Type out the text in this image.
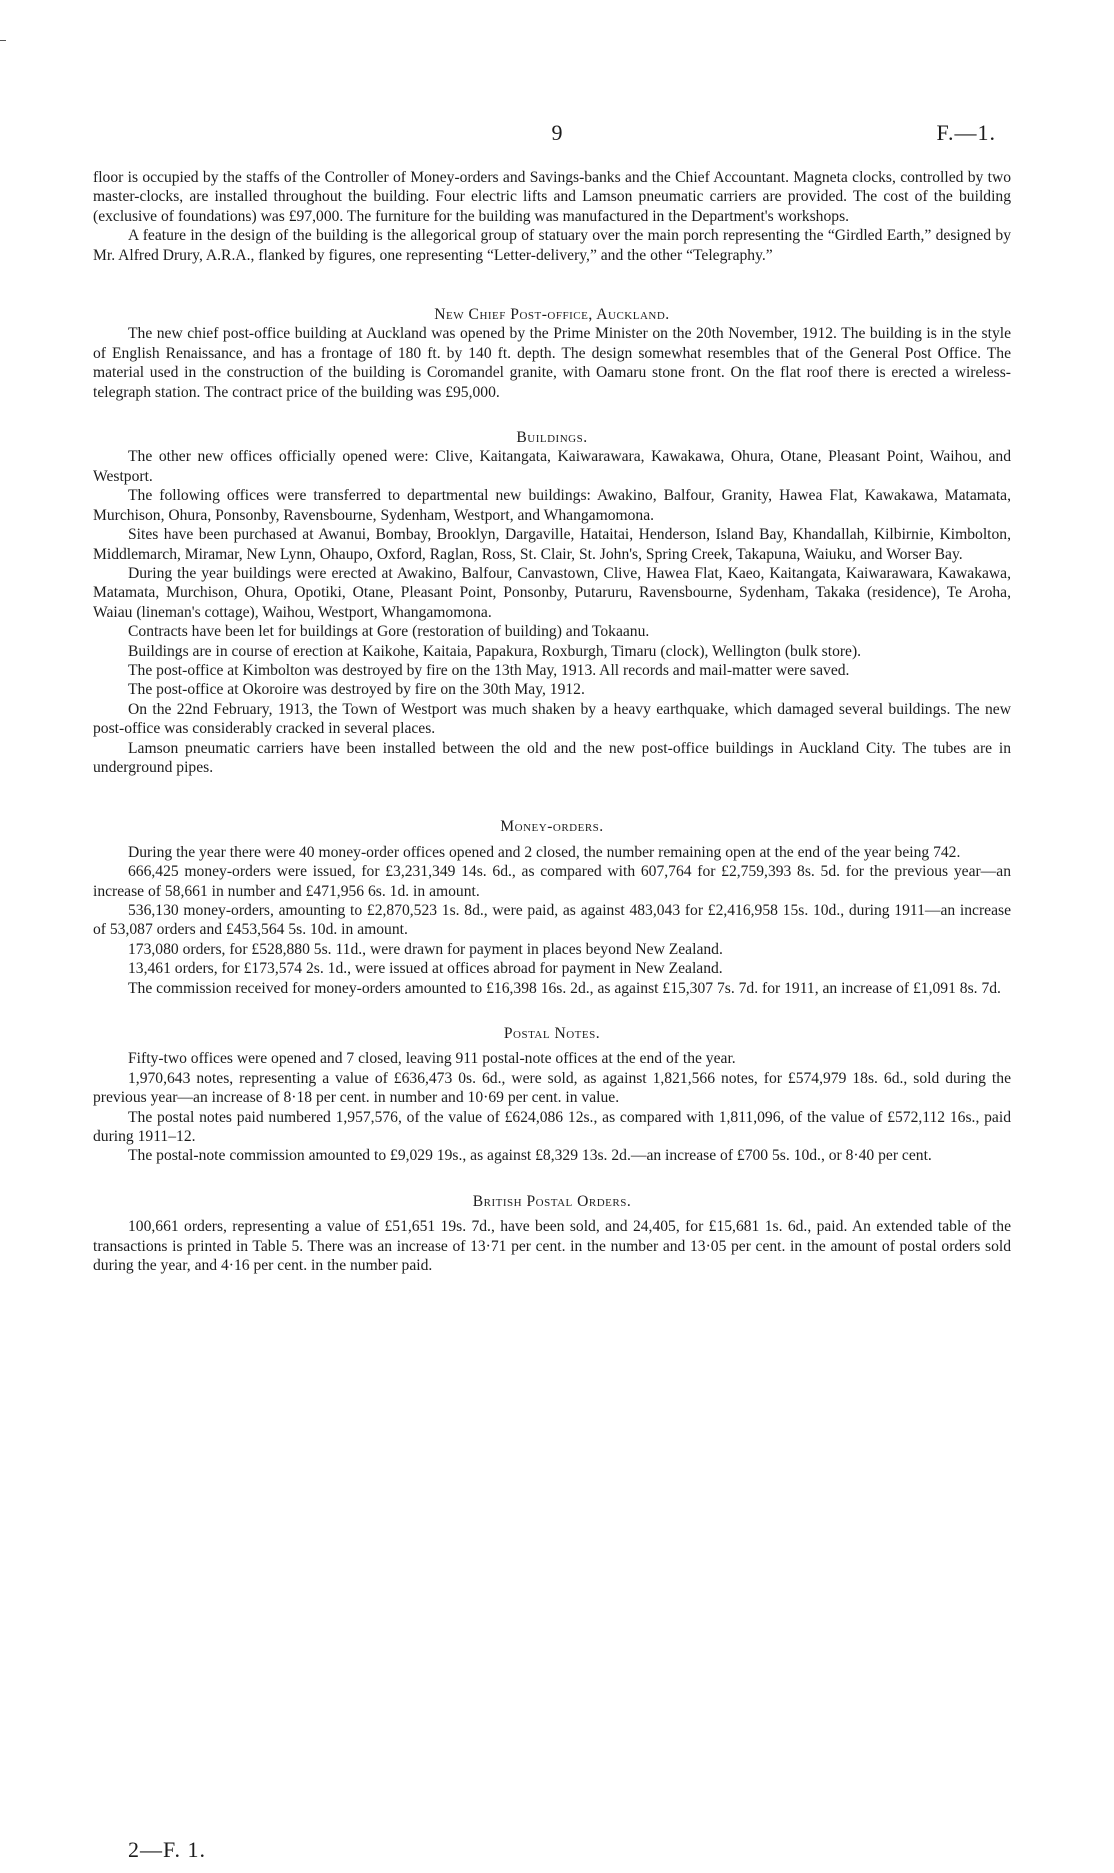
9	F.—1.

floor is occupied by the staffs of the Controller of Money-orders and Savings-banks and the Chief Accountant. Magneta clocks, controlled by two master-clocks, are installed throughout the building. Four electric lifts and Lamson pneumatic carriers are provided. The cost of the building (exclusive of foundations) was £97,000. The furniture for the building was manufactured in the Department's workshops.

A feature in the design of the building is the allegorical group of statuary over the main porch representing the “Girdled Earth,” designed by Mr. Alfred Drury, A.R.A., flanked by figures, one representing “Letter-delivery,” and the other “Telegraphy.”

New Chief Post-office, Auckland.

The new chief post-office building at Auckland was opened by the Prime Minister on the 20th November, 1912. The building is in the style of English Renaissance, and has a frontage of 180 ft. by 140 ft. depth. The design somewhat resembles that of the General Post Office. The material used in the construction of the building is Coromandel granite, with Oamaru stone front. On the flat roof there is erected a wireless-telegraph station. The contract price of the building was £95,000.

Buildings.

The other new offices officially opened were: Clive, Kaitangata, Kaiwarawara, Kawakawa, Ohura, Otane, Pleasant Point, Waihou, and Westport.

The following offices were transferred to departmental new buildings: Awakino, Balfour, Granity, Hawea Flat, Kawakawa, Matamata, Murchison, Ohura, Ponsonby, Ravensbourne, Sydenham, Westport, and Whangamomona.

Sites have been purchased at Awanui, Bombay, Brooklyn, Dargaville, Hataitai, Henderson, Island Bay, Khandallah, Kilbirnie, Kimbolton, Middlemarch, Miramar, New Lynn, Ohaupo, Oxford, Raglan, Ross, St. Clair, St. John's, Spring Creek, Takapuna, Waiuku, and Worser Bay.

During the year buildings were erected at Awakino, Balfour, Canvastown, Clive, Hawea Flat, Kaeo, Kaitangata, Kaiwarawara, Kawakawa, Matamata, Murchison, Ohura, Opotiki, Otane, Pleasant Point, Ponsonby, Putaruru, Ravensbourne, Sydenham, Takaka (residence), Te Aroha, Waiau (lineman's cottage), Waihou, Westport, Whangamomona.

Contracts have been let for buildings at Gore (restoration of building) and Tokaanu.

Buildings are in course of erection at Kaikohe, Kaitaia, Papakura, Roxburgh, Timaru (clock), Wellington (bulk store).

The post-office at Kimbolton was destroyed by fire on the 13th May, 1913. All records and mail-matter were saved.

The post-office at Okoroire was destroyed by fire on the 30th May, 1912.

On the 22nd February, 1913, the Town of Westport was much shaken by a heavy earthquake, which damaged several buildings. The new post-office was considerably cracked in several places.

Lamson pneumatic carriers have been installed between the old and the new post-office buildings in Auckland City. The tubes are in underground pipes.

Money-orders.

During the year there were 40 money-order offices opened and 2 closed, the number remaining open at the end of the year being 742.

666,425 money-orders were issued, for £3,231,349 14s. 6d., as compared with 607,764 for £2,759,393 8s. 5d. for the previous year—an increase of 58,661 in number and £471,956 6s. 1d. in amount.

536,130 money-orders, amounting to £2,870,523 1s. 8d., were paid, as against 483,043 for £2,416,958 15s. 10d., during 1911—an increase of 53,087 orders and £453,564 5s. 10d. in amount.

173,080 orders, for £528,880 5s. 11d., were drawn for payment in places beyond New Zealand.

13,461 orders, for £173,574 2s. 1d., were issued at offices abroad for payment in New Zealand.

The commission received for money-orders amounted to £16,398 16s. 2d., as against £15,307 7s. 7d. for 1911, an increase of £1,091 8s. 7d.

Postal Notes.

Fifty-two offices were opened and 7 closed, leaving 911 postal-note offices at the end of the year.

1,970,643 notes, representing a value of £636,473 0s. 6d., were sold, as against 1,821,566 notes, for £574,979 18s. 6d., sold during the previous year—an increase of 8·18 per cent. in number and 10·69 per cent. in value.

The postal notes paid numbered 1,957,576, of the value of £624,086 12s., as compared with 1,811,096, of the value of £572,112 16s., paid during 1911–12.

The postal-note commission amounted to £9,029 19s., as against £8,329 13s. 2d.—an increase of £700 5s. 10d., or 8·40 per cent.

British Postal Orders.

100,661 orders, representing a value of £51,651 19s. 7d., have been sold, and 24,405, for £15,681 1s. 6d., paid. An extended table of the transactions is printed in Table 5. There was an increase of 13·71 per cent. in the number and 13·05 per cent. in the amount of postal orders sold during the year, and 4·16 per cent. in the number paid.

2—F. 1.
